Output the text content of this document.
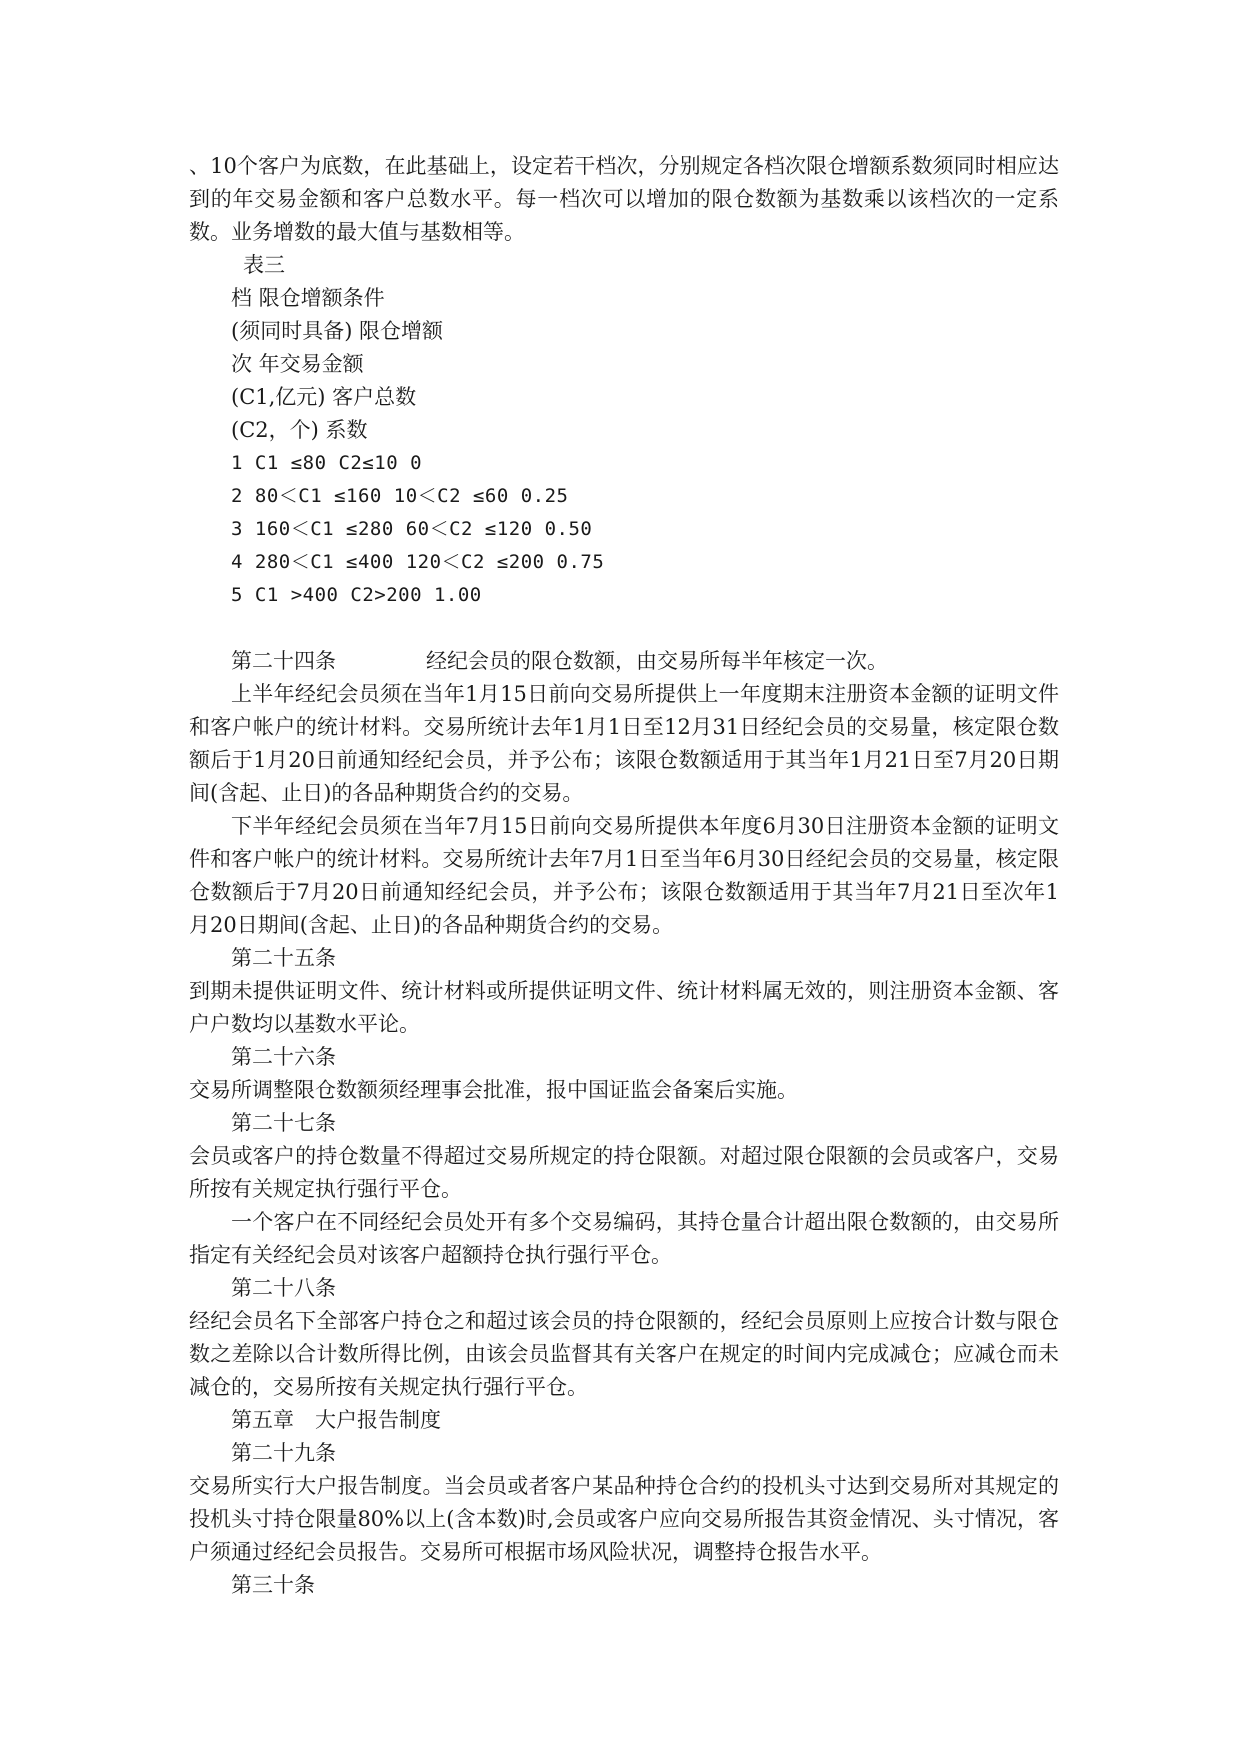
、10个客户为底数，在此基础上，设定若干档次，分别规定各档次限仓增额系数须同时相应达到的年交易金额和客户总数水平。每一档次可以增加的限仓数额为基数乘以该档次的一定系数。业务增数的最大值与基数相等。

表三
档 限仓增额条件
(须同时具备) 限仓增额
次 年交易金额
(C1,亿元) 客户总数
(C2，个) 系数
1 C1 ≤80 C2≤10 0
2 80＜C1 ≤160 10＜C2 ≤60 0.25
3 160＜C1 ≤280 60＜C2 ≤120 0.50
4 280＜C1 ≤400 120＜C2 ≤200 0.75
5 C1 >400 C2>200 1.00
第二十四条	经纪会员的限仓数额，由交易所每半年核定一次。

上半年经纪会员须在当年1月15日前向交易所提供上一年度期末注册资本金额的证明文件和客户帐户的统计材料。交易所统计去年1月1日至12月31日经纪会员的交易量，核定限仓数额后于1月20日前通知经纪会员，并予公布；该限仓数额适用于其当年1月21日至7月20日期间(含起、止日)的各品种期货合约的交易。

下半年经纪会员须在当年7月15日前向交易所提供本年度6月30日注册资本金额的证明文件和客户帐户的统计材料。交易所统计去年7月1日至当年6月30日经纪会员的交易量，核定限仓数额后于7月20日前通知经纪会员，并予公布；该限仓数额适用于其当年7月21日至次年1月20日期间(含起、止日)的各品种期货合约的交易。

第二十五条

到期未提供证明文件、统计材料或所提供证明文件、统计材料属无效的，则注册资本金额、客户户数均以基数水平论。

第二十六条

交易所调整限仓数额须经理事会批准，报中国证监会备案后实施。

第二十七条

会员或客户的持仓数量不得超过交易所规定的持仓限额。对超过限仓限额的会员或客户，交易所按有关规定执行强行平仓。

一个客户在不同经纪会员处开有多个交易编码，其持仓量合计超出限仓数额的，由交易所指定有关经纪会员对该客户超额持仓执行强行平仓。

第二十八条

经纪会员名下全部客户持仓之和超过该会员的持仓限额的，经纪会员原则上应按合计数与限仓数之差除以合计数所得比例，由该会员监督其有关客户在规定的时间内完成减仓；应减仓而未减仓的，交易所按有关规定执行强行平仓。

第五章　大户报告制度
第二十九条

交易所实行大户报告制度。当会员或者客户某品种持仓合约的投机头寸达到交易所对其规定的投机头寸持仓限量80%以上(含本数)时,会员或客户应向交易所报告其资金情况、头寸情况，客户须通过经纪会员报告。交易所可根据市场风险状况，调整持仓报告水平。

第三十条
